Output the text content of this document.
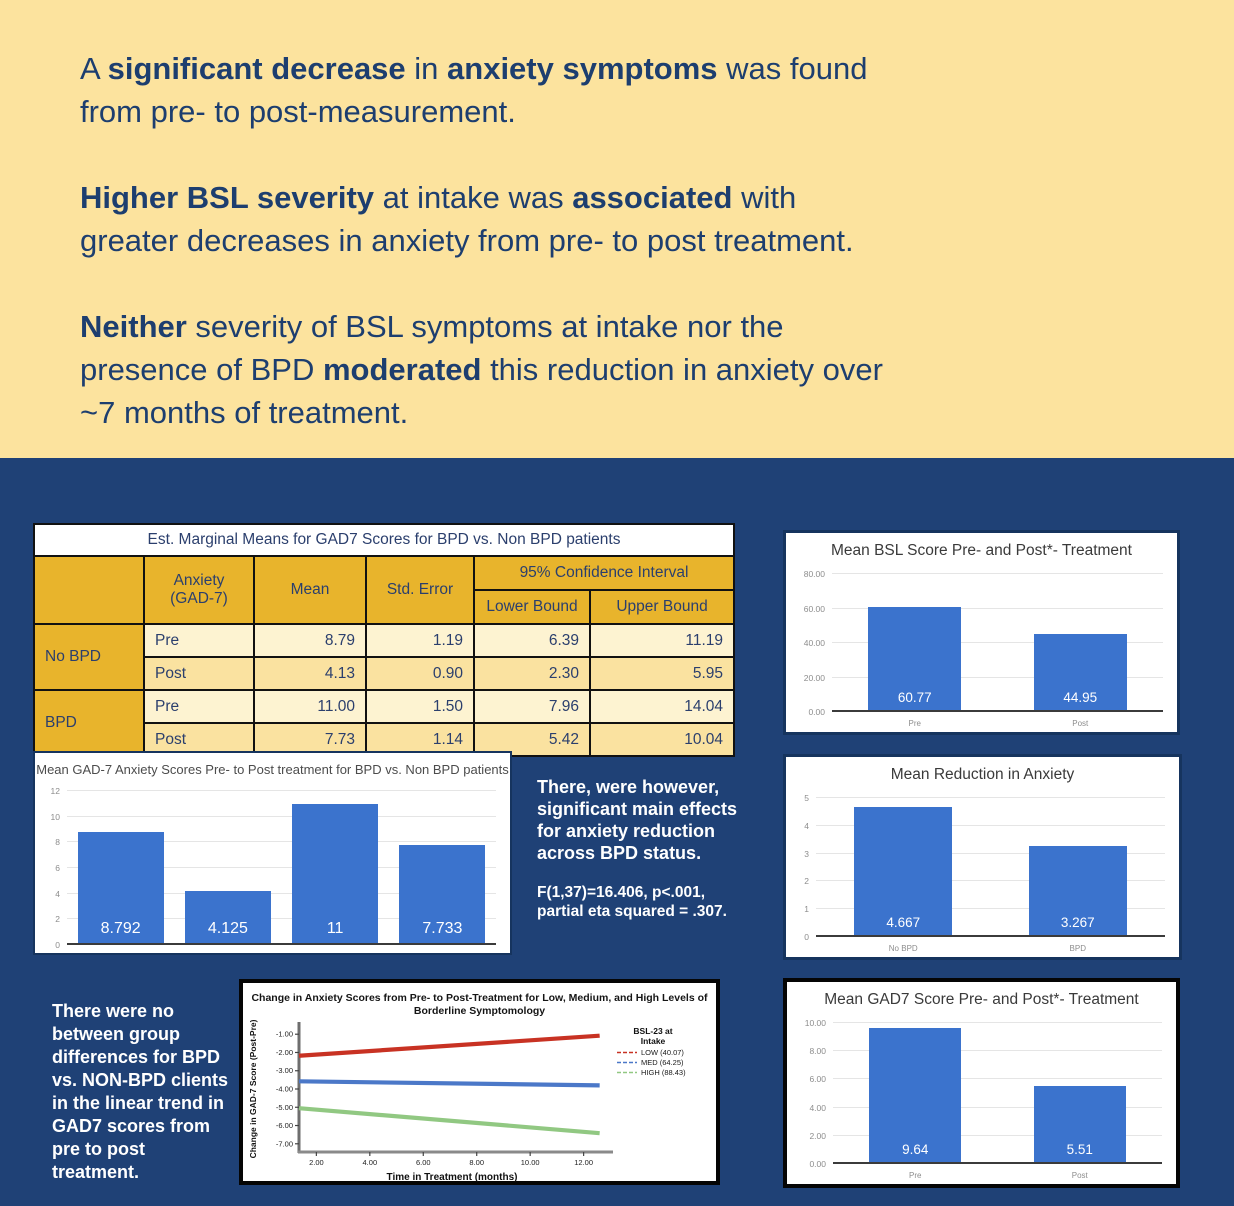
A significant decrease in anxiety symptoms was found
from pre- to post-measurement.
Higher BSL severity at intake was associated with
greater decreases in anxiety from pre- to post treatment.
Neither severity of BSL symptoms at intake nor the
presence of BPD moderated this reduction in anxiety over
~7 months of treatment.
Est. Marginal Means for GAD7 Scores for BPD vs. Non BPD patients					

	Anxiety
(GAD-7)	Mean	Std. Error	95% Confidence Interval	
				Lower Bound	Upper Bound
No BPD	Pre	8.79	1.19	6.39	11.19
	Post	4.13	0.90	2.30	5.95
BPD	Pre	11.00	1.50	7.96	14.04
	Post	7.73	1.14	5.42	10.04
Mean BSL Score Pre- and Post*- Treatment
0.00
20.00
40.00
60.00
80.00
60.77	44.95
Pre	Post
Mean GAD-7 Anxiety Scores Pre- to Post treatment for BPD vs. Non BPD patients
0
2
4
6
8
10
12
8.792	4.125	11	7.733
Mean Reduction in Anxiety
0
1
2
3
4
5
4.667	3.267
No BPD	BPD
Mean GAD7 Score Pre- and Post*- Treatment
0.00
2.00
4.00
6.00
8.00
10.00
9.64	5.51
Pre	Post
Change in Anxiety Scores from Pre- to Post-Treatment for Low, Medium, and High Levels of
Borderline Symptomology
-1.00
-2.00
-3.00
-4.00
-5.00
-6.00
-7.00
2.00	4.00	6.00	8.00	10.00	12.00
Time in Treatment (months)
Change in GAD-7 Score (Post-Pre)	BSL-23 at
Intake
LOW (40.07)
MED (64.25)
HIGH (88.43)
There, were however, significant main effects for anxiety reduction across BPD status.
F(1,37)=16.406, p<.001,
partial eta squared = .307.
There were no between group differences for BPD vs. NON-BPD clients in the linear trend in GAD7 scores from pre to post treatment.
